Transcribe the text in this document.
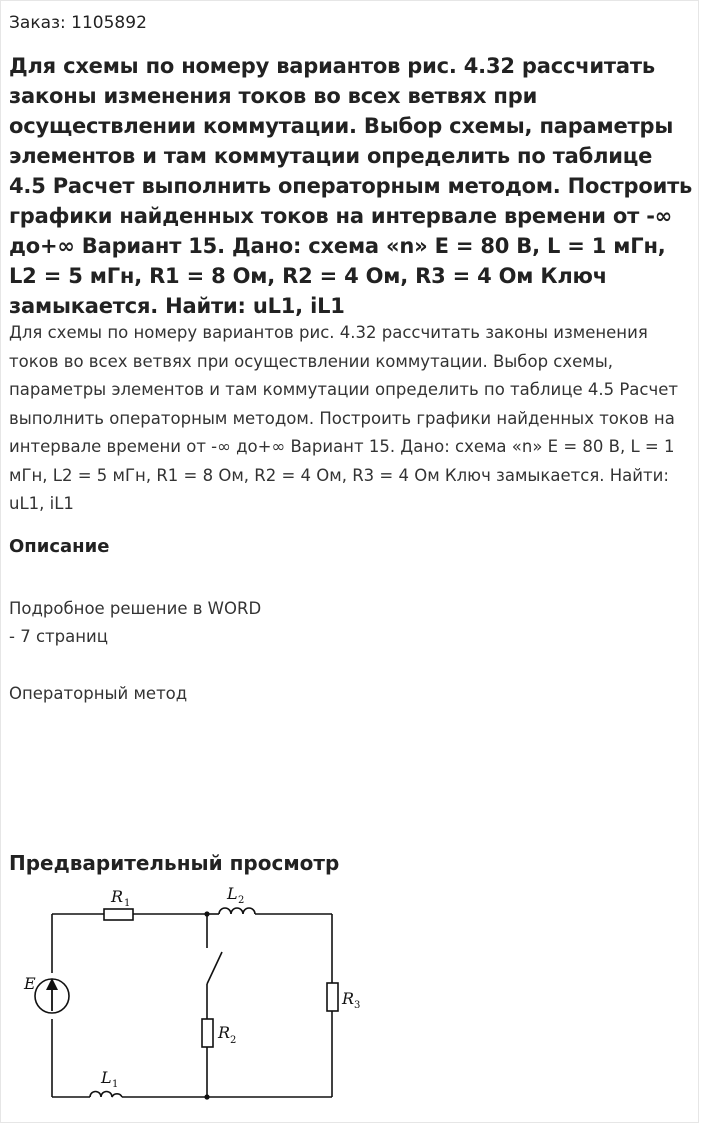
Заказ: 1105892
Для схемы по номеру вариантов рис. 4.32 рассчитать законы изменения токов во всех ветвях при осуществлении коммутации. Выбор схемы, параметры элементов и там коммутации определить по таблице 4.5 Расчет выполнить операторным методом. Построить графики найденных токов на интервале времени от -∞ до+∞ Вариант 15. Дано: схема «n» E = 80 В, L = 1 мГн, L2 = 5 мГн, R1 = 8 Ом, R2 = 4 Ом, R3 = 4 Ом Ключ замыкается. Найти: uL1, iL1
Для схемы по номеру вариантов рис. 4.32 рассчитать законы изменения токов во всех ветвях при осуществлении коммутации. Выбор схемы, параметры элементов и там коммутации определить по таблице 4.5 Расчет выполнить операторным методом. Построить графики найденных токов на интервале времени от -∞ до+∞ Вариант 15. Дано: схема «n» E = 80 В, L = 1 мГн, L2 = 5 мГн, R1 = 8 Ом, R2 = 4 Ом, R3 = 4 Ом Ключ замыкается. Найти: uL1, iL1
Описание
Подробное решение в WORD
- 7 страниц
Операторный метод
Предварительный просмотр
E
R 1
L 2
R 2
R 3
L 1
